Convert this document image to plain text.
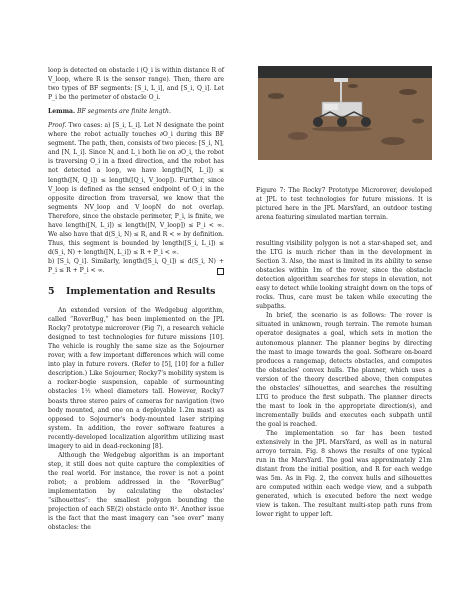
loop is detected on obstacle i (Q_i is within distance R of V_loop, where R is the sensor range). Then, there are two types of BF segments: [S_i, L_i], and [S_i, Q_i]. Let P_i be the perimeter of obstacle O_i.

Lemma. BF segments are finite length.

Proof. Two cases: a) [S_i, L_i]. Let N designate the point where the robot actually touches ∂O_i during this BF segment. The path, then, consists of two pieces: [S_i, N], and [N, L_i]. Since N, and L_i both lie on ∂O_i, the robot is traversing O_i in a fixed direction, and the robot has not detected a loop, we have length([N, L_i]) ≤ length([N, Q_i]) ≤ length([Q_i, V_loop]). Further, since V_loop is defined as the sensed endpoint of O_i in the opposite direction from traversal, we know that the segments NV_loop and V_loopN do not overlap. Therefore, since the obstacle perimeter, P_i, is finite, we have length([N, L_i]) ≤ length([N, V_loop]) ≤ P_i < ∞. We also have that d(S_i, N) ≤ R, and R < ∞ by definition. Thus, this segment is bounded by length([S_i, L_i]) ≤ d(S_i, N) + length([N, L_i]) ≤ R + P_i < ∞.

b) [S_i, Q_i]. Similarly, length([S_i, Q_i]) ≤ d(S_i, N) + P_i ≤ R + P_i < ∞.

5 Implementation and Results

An extended version of the Wedgebug algorithm, called “RoverBug,” has been implemented on the JPL Rocky7 prototype microrover (Fig 7), a research vehicle designed to test technologies for future missions [10]. The vehicle is roughly the same size as the Sojourner rover, with a few important differences which will come into play in future rovers. (Refer to [5], [10] for a fuller description.) Like Sojourner, Rocky7's mobility system is a rocker-bogie suspension, capable of surmounting obstacles 1½ wheel diameters tall. However, Rocky7 boasts three stereo pairs of cameras for navigation (two body mounted, and one on a deployable 1.2m mast) as opposed to Sojourner's body-mounted laser striping system. In addition, the rover software features a recently-developed localization algorithm utilizing mast imagery to aid in dead-reckoning [8].

Although the Wedgebug algorithm is an important step, it still does not quite capture the complexities of the real world. For instance, the rover is not a point robot; a problem addressed in the “RoverBug” implementation by calculating the obstacles' “silhouettes”: the smallest polygon bounding the projection of each SE(2) obstacle onto ℜ². Another issue is the fact that the mast imagery can “see over” many obstacles: the

Figure 7: The Rocky7 Prototype Microrover, developed at JPL to test technologies for future missions. It is pictured here in the JPL MarsYard, an outdoor testing arena featuring simulated martian terrain.

resulting visibility polygon is not a star-shaped set, and the LTG is much richer than in the development in Section 3. Also, the mast is limited in its ability to sense obstacles within 1m of the rover, since the obstacle detection algorithm searches for steps in elevation, not easy to detect while looking straight down on the tops of rocks. Thus, care must be taken while executing the subpaths.

In brief, the scenario is as follows: The rover is situated in unknown, rough terrain. The remote human operator designates a goal, which sets in motion the autonomous planner. The planner begins by directing the mast to image towards the goal. Software on-board produces a rangemap, detects obstacles, and computes the obstacles' convex hulls. The planner, which uses a version of the theory described above, then computes the obstacles' silhouettes, and searches the resulting LTG to produce the first subpath. The planner directs the mast to look in the appropriate direction(s), and incrementally builds and executes each subpath until the goal is reached.

The implementation so far has been tested extensively in the JPL MarsYard, as well as in natural arroyo terrain. Fig. 8 shows the results of one typical run in the MarsYard. The goal was approximately 21m distant from the initial position, and R for each wedge was 5m. As in Fig. 2, the convex hulls and silhouettes are computed within each wedge view, and a subpath generated, which is executed before the next wedge view is taken. The resultant multi-step path runs from lower right to upper left.
